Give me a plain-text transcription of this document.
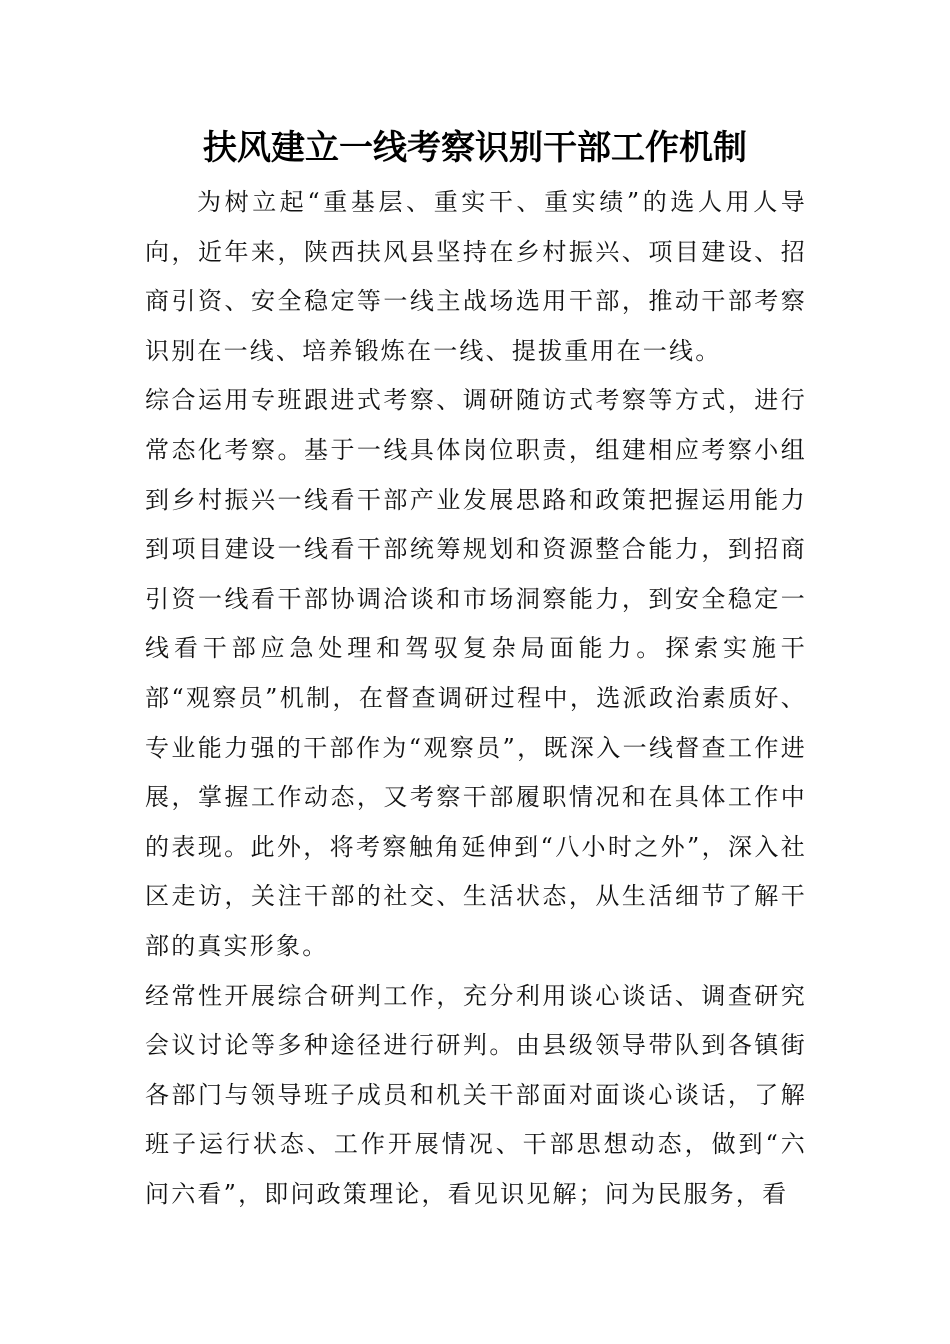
扶风建立一线考察识别干部工作机制

为树立起“重基层、重实干、重实绩”的选人用人导向，近年来，陕西扶风县坚持在乡村振兴、项目建设、招商引资、安全稳定等一线主战场选用干部，推动干部考察识别在一线、培养锻炼在一线、提拔重用在一线。

综合运用专班跟进式考察、调研随访式考察等方式，进行常态化考察。基于一线具体岗位职责，组建相应考察小组到乡村振兴一线看干部产业发展思路和政策把握运用能力到项目建设一线看干部统筹规划和资源整合能力，到招商引资一线看干部协调洽谈和市场洞察能力，到安全稳定一线看干部应急处理和驾驭复杂局面能力。探索实施干部“观察员”机制，在督查调研过程中，选派政治素质好、专业能力强的干部作为“观察员”，既深入一线督查工作进展，掌握工作动态，又考察干部履职情况和在具体工作中的表现。此外，将考察触角延伸到“八小时之外”，深入社区走访，关注干部的社交、生活状态，从生活细节了解干部的真实形象。

经常性开展综合研判工作，充分利用谈心谈话、调查研究会议讨论等多种途径进行研判。由县级领导带队到各镇街各部门与领导班子成员和机关干部面对面谈心谈话，了解班子运行状态、工作开展情况、干部思想动态，做到“六问六看”，即问政策理论，看见识见解；问为民服务，看
